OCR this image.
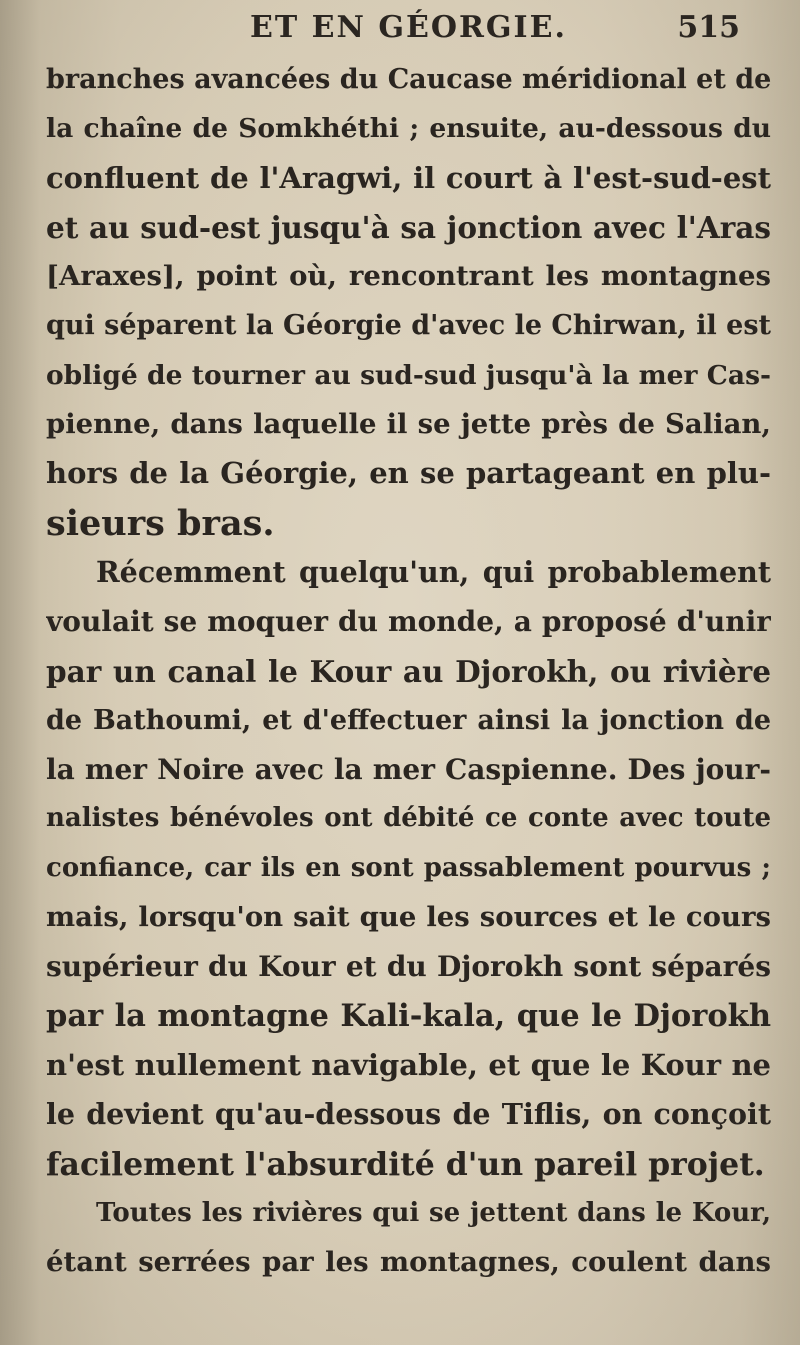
ET EN GÉORGIE.	515
branches avancées du Caucase méridional et de
la chaîne de Somkhéthi ; ensuite, au-dessous du
confluent de l'Aragwi, il court à l'est-sud-est
et au sud-est jusqu'à sa jonction avec l'Aras
[Araxes], point où, rencontrant les montagnes
qui séparent la Géorgie d'avec le Chirwan, il est
obligé de tourner au sud-sud jusqu'à la mer Cas-
pienne, dans laquelle il se jette près de Salian,
hors de la Géorgie, en se partageant en plu-
sieurs bras.
Récemment quelqu'un, qui probablement
voulait se moquer du monde, a proposé d'unir
par un canal le Kour au Djorokh, ou rivière
de Bathoumi, et d'effectuer ainsi la jonction de
la mer Noire avec la mer Caspienne. Des jour-
nalistes bénévoles ont débité ce conte avec toute
confiance, car ils en sont passablement pourvus ;
mais, lorsqu'on sait que les sources et le cours
supérieur du Kour et du Djorokh sont séparés
par la montagne Kali-kala, que le Djorokh
n'est nullement navigable, et que le Kour ne
le devient qu'au-dessous de Tiflis, on conçoit
facilement l'absurdité d'un pareil projet.
Toutes les rivières qui se jettent dans le Kour,
étant serrées par les montagnes, coulent dans
